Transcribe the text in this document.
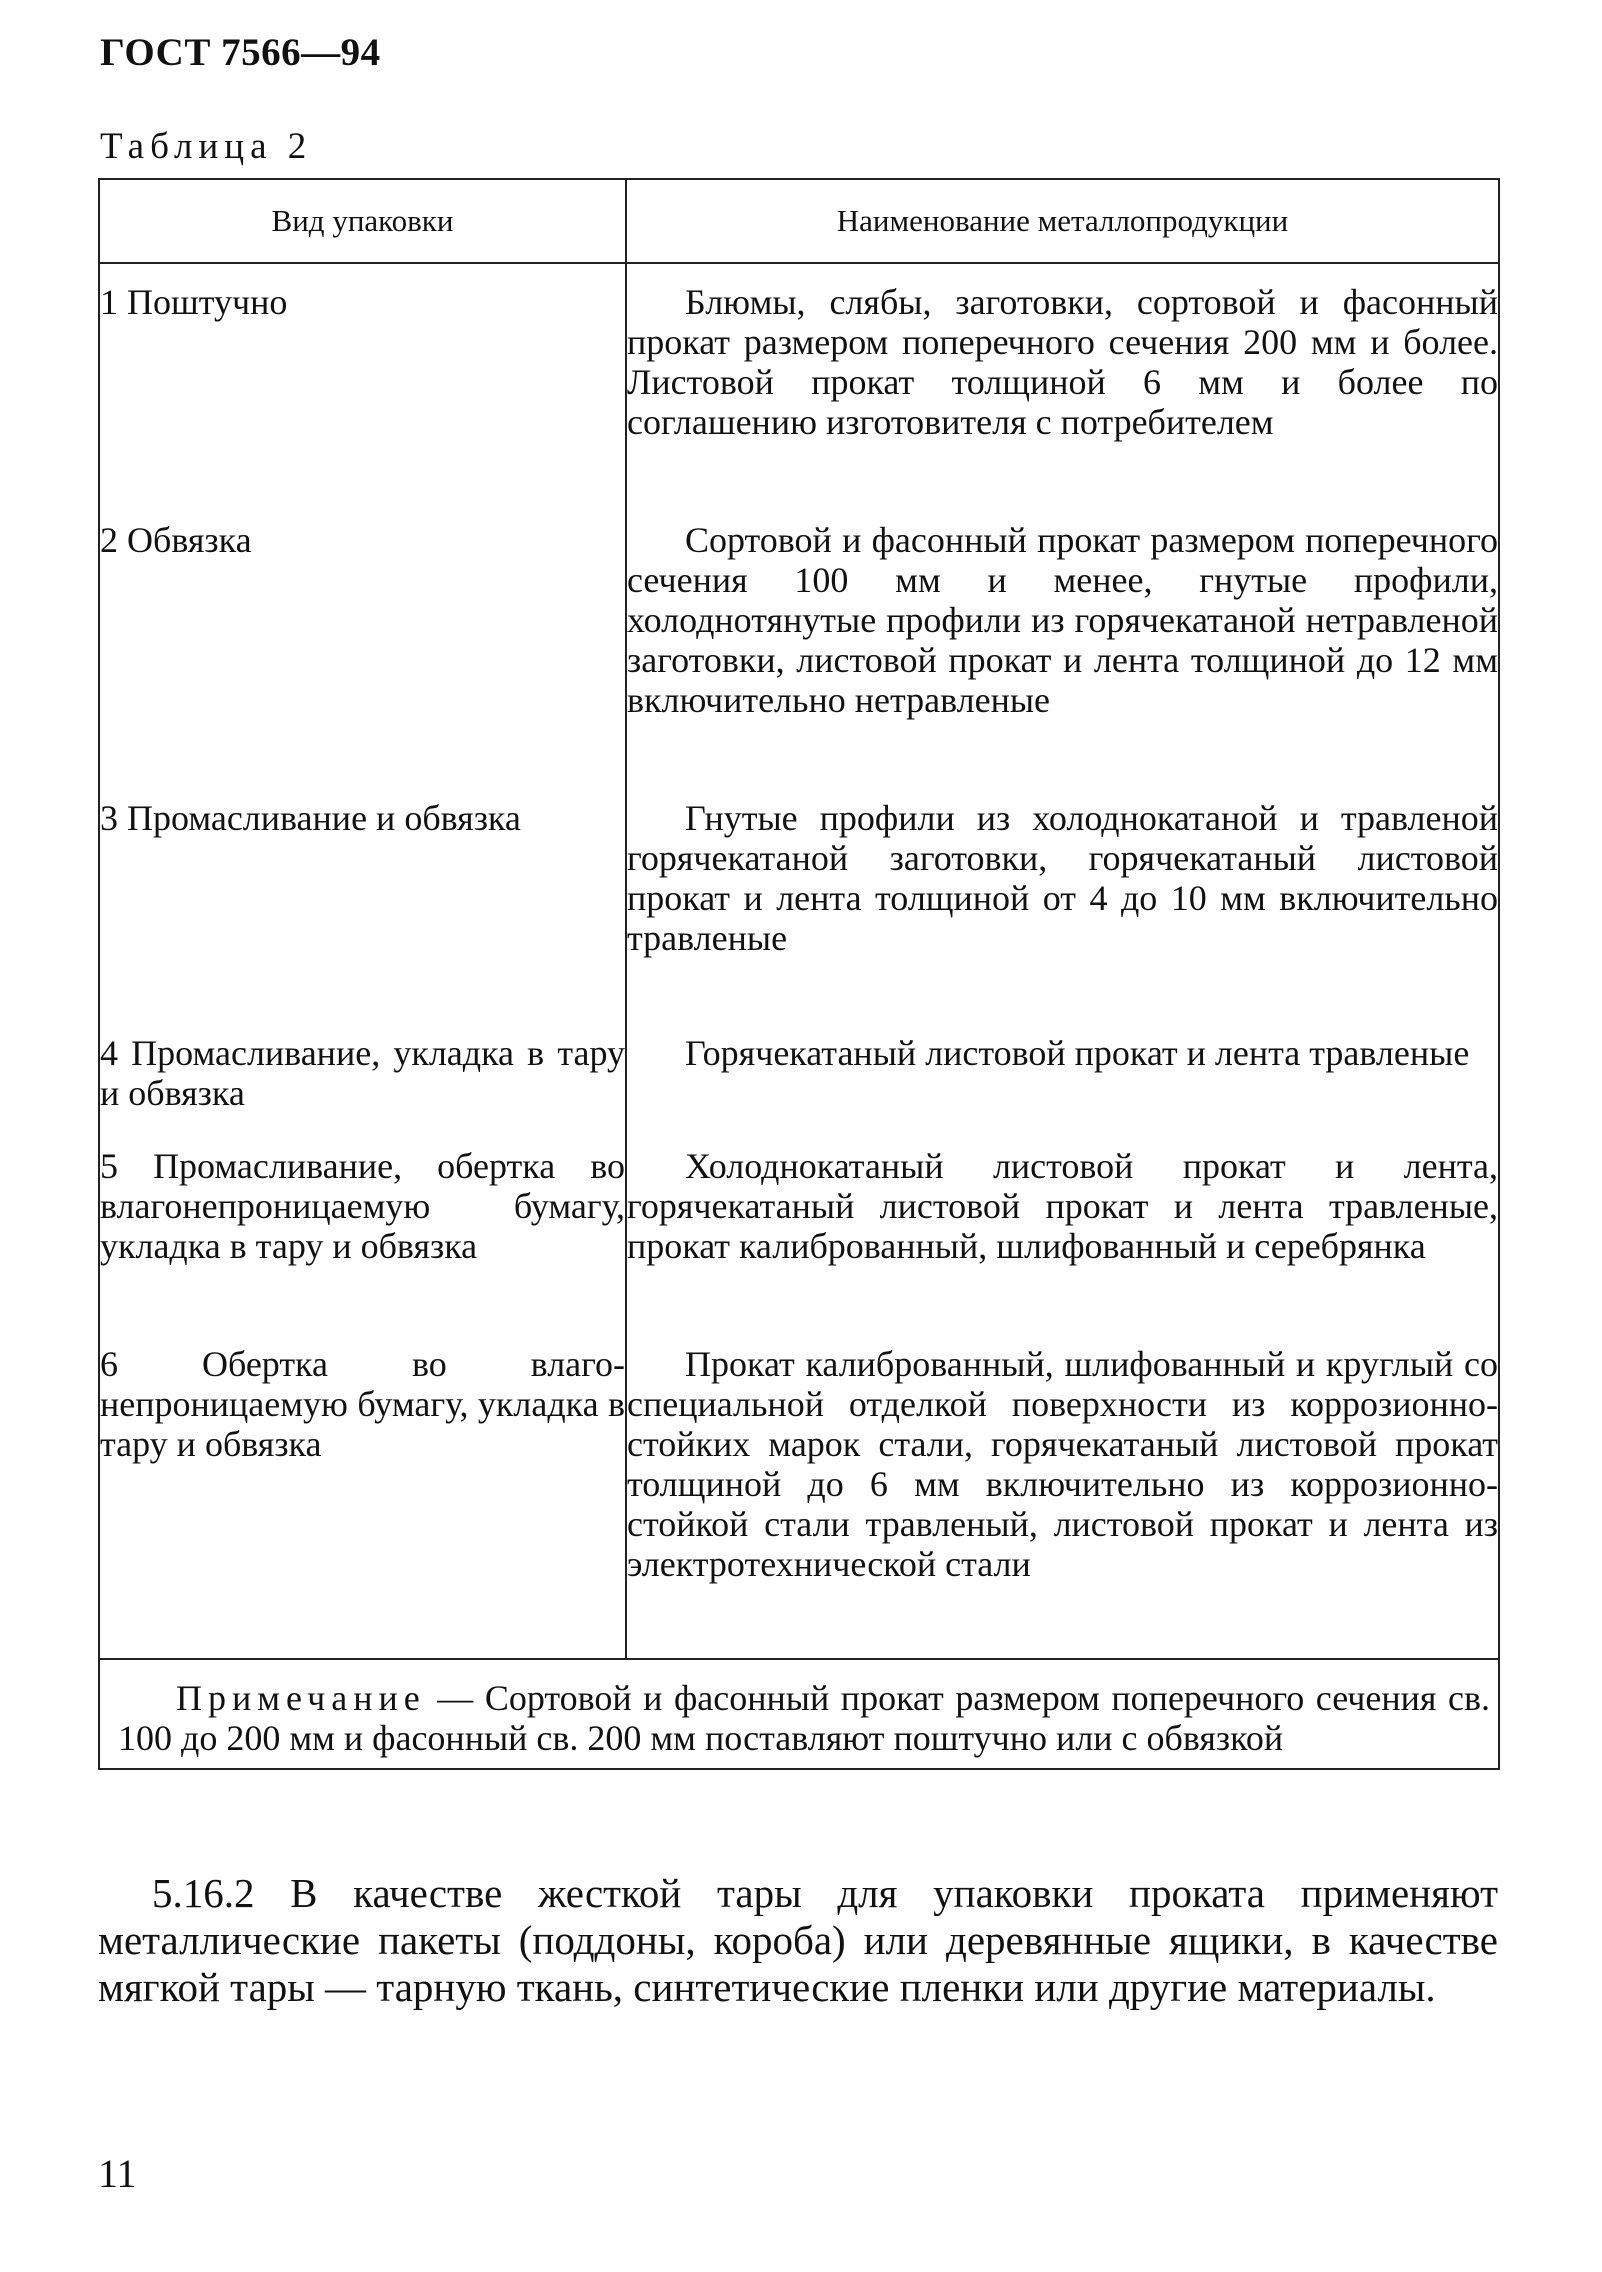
ГОСТ 7566—94
Таблица 2
Вид упаковки	Наименование металлопродукции
1 Поштучно	Блюмы, слябы, заготовки, сортовой и фасонный прокат размером поперечного сечения 200 мм и более. Листовой прокат толщиной 6 мм и более по соглашению изготовителя с потребителем

2 Обвязка	Сортовой и фасонный прокат размером поперечного сечения 100 мм и менее, гнутые профили, холоднотянутые профили из горячекатаной нетравленой заготовки, листовой прокат и лента толщиной до 12 мм включительно нетравленые

3 Промасливание и обвязка	Гнутые профили из холоднокатаной и травленой горячекатаной заготовки, горячекатаный листовой прокат и лента толщиной от 4 до 10 мм включительно травленые

4 Промасливание, укладка в тару и обвязка	Горячекатаный листовой прокат и лента травленые

5 Промасливание, обертка во влагонепроницаемую бумагу, укладка в тару и обвязка	Холоднокатаный листовой прокат и лента, горячекатаный листовой прокат и лента травленые, прокат калиброванный, шлифованный и серебрянка

6 Обертка во влаго-непроницаемую бумагу, укладка в тару и обвязка	Прокат калиброванный, шлифованный и круглый со специальной отделкой поверхности из коррозионно-стойких марок стали, горячекатаный листовой прокат толщиной до 6 мм включительно из коррозионно-стойкой стали травленый, листовой прокат и лента из электротехнической стали

Примечание — Сортовой и фасонный прокат размером поперечного сечения св. 100 до 200 мм и фасонный св. 200 мм поставляют поштучно или с обвязкой	
5.16.2 В качестве жесткой тары для упаковки проката применяют металлические пакеты (поддоны, короба) или деревянные ящики, в качестве мягкой тары — тарную ткань, синтетические пленки или другие материалы.
11
